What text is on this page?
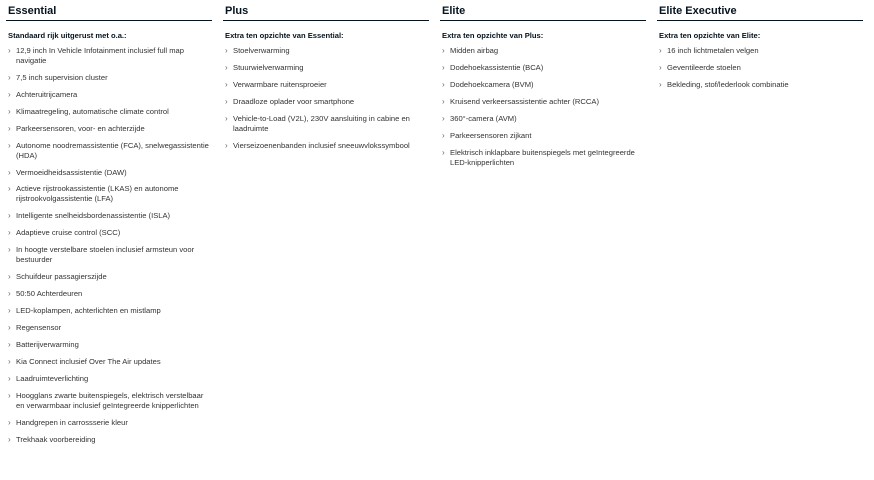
Essential
Standaard rijk uitgerust met o.a.:
› 12,9 inch In Vehicle Infotainment inclusief full map navigatie
› 7,5 inch supervision cluster
› Achteruitrijcamera
› Klimaatregeling, automatische climate control
› Parkeersensoren, voor- en achterzijde
› Autonome noodremassistentie (FCA), snelwegassistentie (HDA)
› Vermoeidheidsassistentie (DAW)
› Actieve rijstrookassistentie (LKAS) en autonome rijstrookvolgassistentie (LFA)
› Intelligente snelheidsbordenassistentie (ISLA)
› Adaptieve cruise control (SCC)
› In hoogte verstelbare stoelen inclusief armsteun voor bestuurder
› Schuifdeur passagierszijde
› 50:50 Achterdeuren
› LED-koplampen, achterlichten en mistlamp
› Regensensor
› Batterijverwarming
› Kia Connect inclusief Over The Air updates
› Laadruimteverlichting
› Hoogglans zwarte buitenspiegels, elektrisch verstelbaar en verwarmbaar inclusief geïntegreerde knipperlichten
› Handgrepen in carrossserie kleur
› Trekhaak voorbereiding
Plus
Extra ten opzichte van Essential:
› Stoelverwarming
› Stuurwielverwarming
› Verwarmbare ruitensproeier
› Draadloze oplader voor smartphone
› Vehicle-to-Load (V2L), 230V aansluiting in cabine en laadruimte
› Vierseizoenenbanden inclusief sneeuwvlokssymbool
Elite
Extra ten opzichte van Plus:
› Midden airbag
› Dodehoekassistentie (BCA)
› Dodehoekcamera (BVM)
› Kruisend verkeersassistentie achter (RCCA)
› 360°-camera (AVM)
› Parkeersensoren zijkant
› Elektrisch inklapbare buitenspiegels met geïntegreerde LED-knipperlichten
Elite Executive
Extra ten opzichte van Elite:
› 16 inch lichtmetalen velgen
› Geventileerde stoelen
› Bekleding, stof/lederlook combinatie
